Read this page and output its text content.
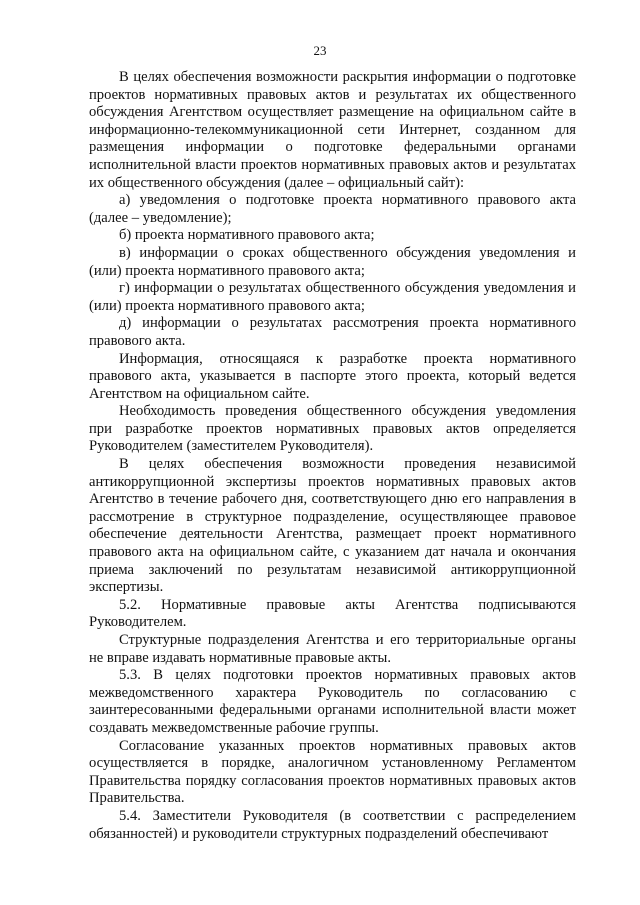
23

В целях обеспечения возможности раскрытия информации о подготовке проектов нормативных правовых актов и результатах их общественного обсуждения Агентством осуществляет размещение на официальном сайте в информационно-телекоммуникационной сети Интернет, созданном для размещения информации о подготовке федеральными органами исполнительной власти проектов нормативных правовых актов и результатах их общественного обсуждения (далее – официальный сайт):

а) уведомления о подготовке проекта нормативного правового акта (далее – уведомление);

б) проекта нормативного правового акта;

в) информации о сроках общественного обсуждения уведомления и (или) проекта нормативного правового акта;

г) информации о результатах общественного обсуждения уведомления и (или) проекта нормативного правового акта;

д) информации о результатах рассмотрения проекта нормативного правового акта.

Информация, относящаяся к разработке проекта нормативного правового акта, указывается в паспорте этого проекта, который ведется Агентством на официальном сайте.

Необходимость проведения общественного обсуждения уведомления при разработке проектов нормативных правовых актов определяется Руководителем (заместителем Руководителя).

В целях обеспечения возможности проведения независимой антикоррупционной экспертизы проектов нормативных правовых актов Агентство в течение рабочего дня, соответствующего дню его направления в рассмотрение в структурное подразделение, осуществляющее правовое обеспечение деятельности Агентства, размещает проект нормативного правового акта на официальном сайте, с указанием дат начала и окончания приема заключений по результатам независимой антикоррупционной экспертизы.

5.2. Нормативные правовые акты Агентства подписываются Руководителем.

Структурные подразделения Агентства и его территориальные органы не вправе издавать нормативные правовые акты.

5.3. В целях подготовки проектов нормативных правовых актов межведомственного характера Руководитель по согласованию с заинтересованными федеральными органами исполнительной власти может создавать межведомственные рабочие группы.

Согласование указанных проектов нормативных правовых актов осуществляется в порядке, аналогичном установленному Регламентом Правительства порядку согласования проектов нормативных правовых актов Правительства.

5.4. Заместители Руководителя (в соответствии с распределением обязанностей) и руководители структурных подразделений обеспечивают
